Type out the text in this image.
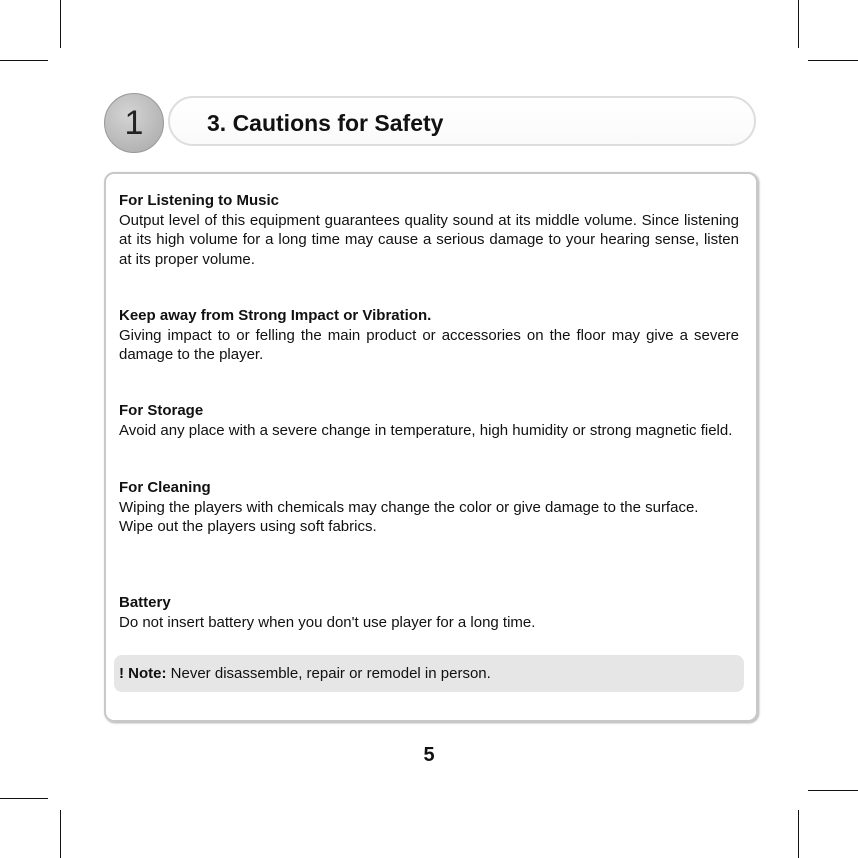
1	3. Cautions for Safety
For Listening to Music

Output level of this equipment guarantees quality sound at its middle volume. Since listening at its high volume for a long time may cause a serious damage to your hearing sense, listen at its proper volume.

Keep away from Strong Impact or Vibration.

Giving impact to or felling the main product or accessories on the floor may give a severe damage to the player.

For Storage

Avoid any place with a severe change in temperature, high humidity or strong magnetic field.

For Cleaning

Wiping the players with chemicals may change the color or give damage to the surface.

Wipe out the players using soft fabrics.

Battery

Do not insert battery when you don't use player for a long time.

! Note: Never disassemble, repair or remodel in person.
5
